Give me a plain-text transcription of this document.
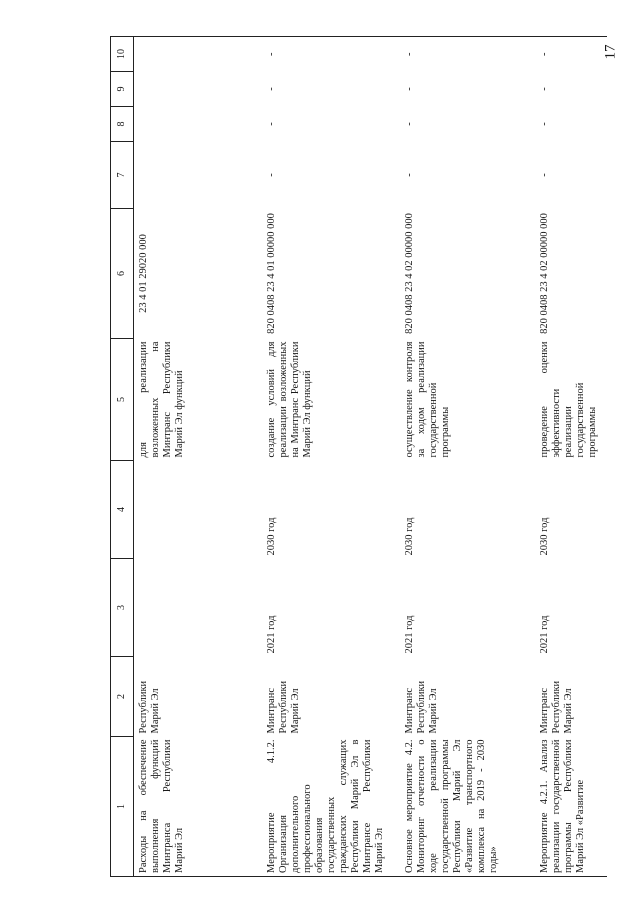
17
1	2	3	4	5	6	7	8	9	10
Расходы на обеспечение выполнения функций Минтранса Республики Марий Эл	Республики Марий Эл			для реализации возложенных на Минтранс Республики Марий Эл функций	23 4 01 29020 000				
Мероприятие 4.1.2. Организация дополнительного профессионального образования государственных гражданских служащих Республики Марий Эл в Минтрансе Республики Марий Эл	Минтранс Республики Марий Эл	2021 год	2030 год	создание условий для реализации возложенных на Минтранс Республики Марий Эл функций	820 0408 23 4 01 00000 000	-	-	-	-
Основное мероприятие 4.2. Мониторинг отчетности о ходе реализации государственной программы Республики Марий Эл «Развитие транспортного комплекса на 2019 - 2030 годы»	Минтранс Республики Марий Эл	2021 год	2030 год	осуществление контроля за ходом реализации государственной программы	820 0408 23 4 02 00000 000	-	-	-	-
Мероприятие 4.2.1. Анализ реализации государственной программы Республики Марий Эл «Развитие	Минтранс Республики Марий Эл	2021 год	2030 год	проведение оценки эффективности реализации государственной программы	820 0408 23 4 02 00000 000	-	-	-	-
